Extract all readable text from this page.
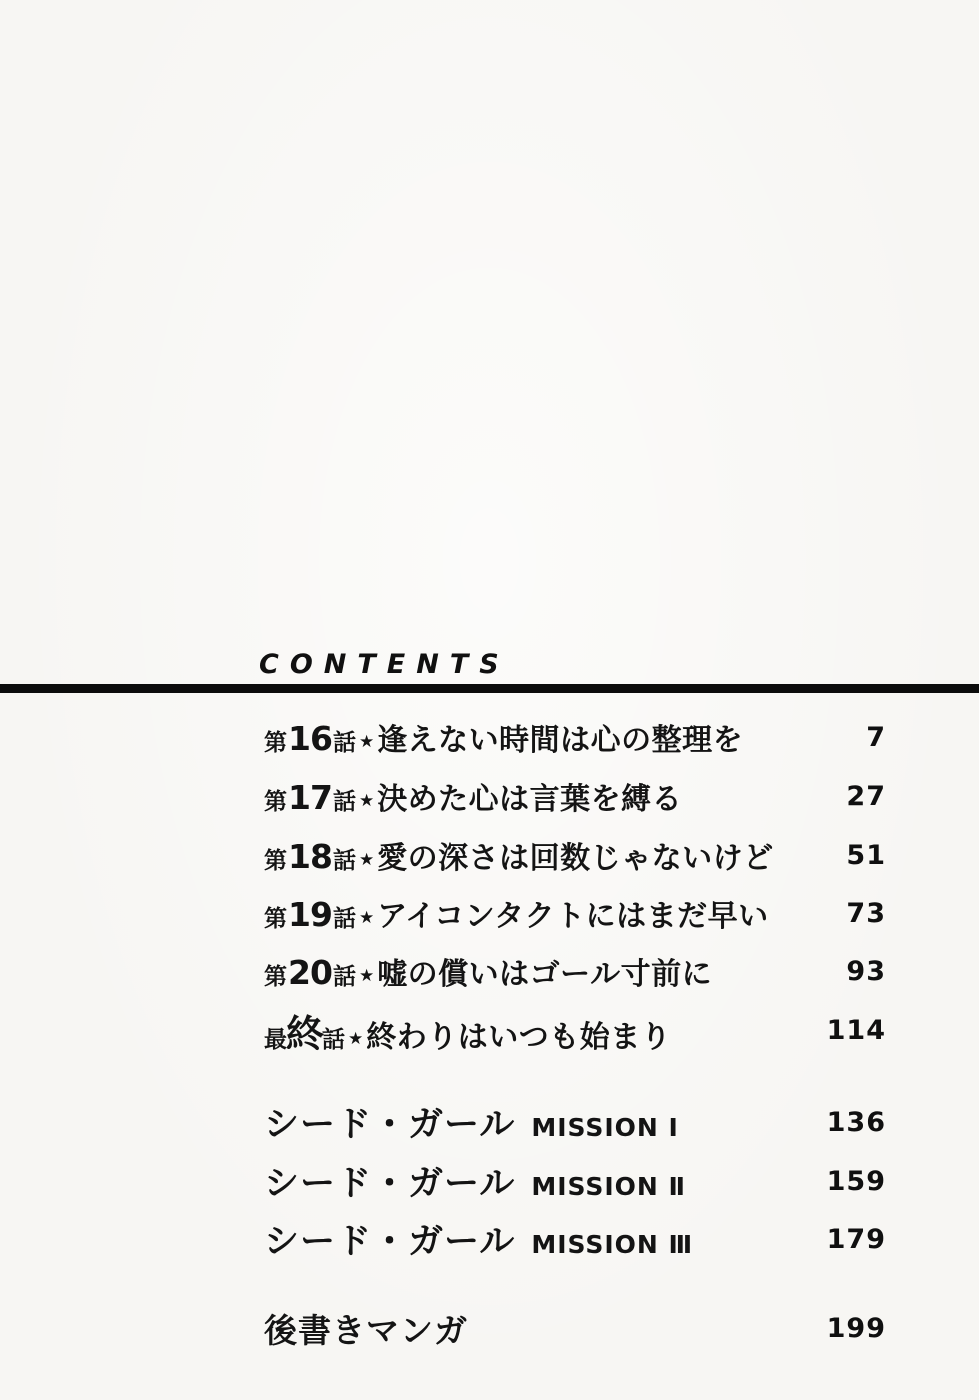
CONTENTS
第 16 話 ★ 逢えない時間は心の整理を	7
第 17 話 ★ 決めた心は言葉を縛る	27
第 18 話 ★ 愛の深さは回数じゃないけど	51
第 19 話 ★ アイコンタクトにはまだ早い	73
第 20 話 ★ 嘘の償いはゴール寸前に	93
最 終 話 ★ 終わりはいつも始まり	114
シード・ガール MISSION Ⅰ	136
シード・ガール MISSION Ⅱ	159
シード・ガール MISSION Ⅲ	179
後書きマンガ	199
